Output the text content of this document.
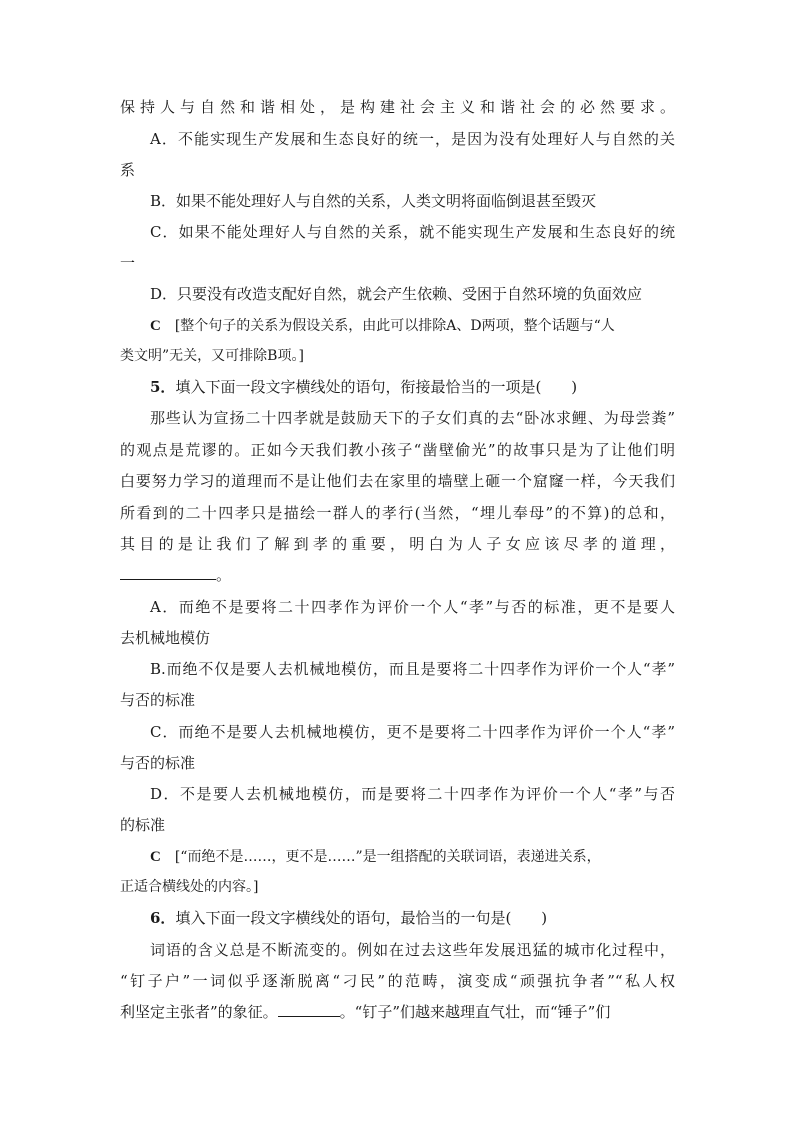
保持人与自然和谐相处，是构建社会主义和谐社会的必然要求。
A．不能实现生产发展和生态良好的统一，是因为没有处理好人与自然的关
系
B．如果不能处理好人与自然的关系，人类文明将面临倒退甚至毁灭
C．如果不能处理好人与自然的关系，就不能实现生产发展和生态良好的统
一
D．只要没有改造支配好自然，就会产生依赖、受困于自然环境的负面效应
C [整个句子的关系为假设关系，由此可以排除A、D两项，整个话题与“人
类文明”无关，又可排除B项。]
5．填入下面一段文字横线处的语句，衔接最恰当的一项是(　　)
那些认为宣扬二十四孝就是鼓励天下的子女们真的去“卧冰求鲤、为母尝粪”
的观点是荒谬的。正如今天我们教小孩子“凿壁偷光”的故事只是为了让他们明
白要努力学习的道理而不是让他们去在家里的墙壁上砸一个窟窿一样，今天我们
所看到的二十四孝只是描绘一群人的孝行(当然，“埋儿奉母”的不算)的总和，
其目的是让我们了解到孝的重要，明白为人子女应该尽孝的道理，
。
A．而绝不是要将二十四孝作为评价一个人“孝”与否的标准，更不是要人
去机械地模仿
B.而绝不仅是要人去机械地模仿，而且是要将二十四孝作为评价一个人“孝”
与否的标准
C．而绝不是要人去机械地模仿，更不是要将二十四孝作为评价一个人“孝”
与否的标准
D．不是要人去机械地模仿，而是要将二十四孝作为评价一个人“孝”与否
的标准
C [“而绝不是……，更不是……”是一组搭配的关联词语，表递进关系，
正适合横线处的内容。]
6．填入下面一段文字横线处的语句，最恰当的一句是(　　)
词语的含义总是不断流变的。例如在过去这些年发展迅猛的城市化过程中，
“钉子户”一词似乎逐渐脱离“刁民”的范畴，演变成“顽强抗争者”“私人权
利坚定主张者”的象征。	。“钉子”们越来越理直气壮，而“锤子”们
